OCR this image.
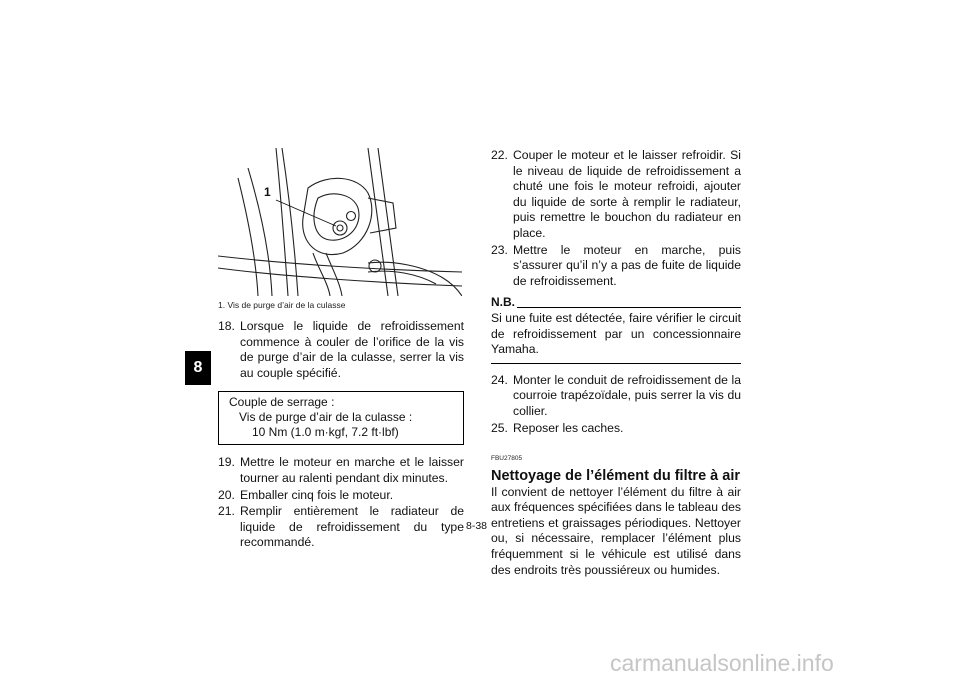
8
1
1. Vis de purge d’air de la culasse
18. Lorsque le liquide de refroidissement commence à couler de l’orifice de la vis de purge d’air de la culasse, serrer la vis au couple spécifié.
Couple de serrage :
Vis de purge d’air de la culasse :
10 Nm (1.0 m·kgf, 7.2 ft·lbf)
19. Mettre le moteur en marche et le laisser tourner au ralenti pendant dix minutes.
20. Emballer cinq fois le moteur.
21. Remplir entièrement le radiateur de liquide de refroidissement du type recommandé.
22. Couper le moteur et le laisser refroidir. Si le niveau de liquide de refroidissement a chuté une fois le moteur refroidi, ajouter du liquide de sorte à remplir le radiateur, puis remettre le bouchon du radiateur en place.
23. Mettre le moteur en marche, puis s’assurer qu’il n’y a pas de fuite de liquide de refroidissement.
N.B.
Si une fuite est détectée, faire vérifier le circuit de refroidissement par un concessionnaire Yamaha.
24. Monter le conduit de refroidissement de la courroie trapézoïdale, puis serrer la vis du collier.
25. Reposer les caches.
FBU27805
Nettoyage de l’élément du filtre à air
Il convient de nettoyer l’élément du filtre à air aux fréquences spécifiées dans le tableau des entretiens et graissages périodiques. Nettoyer ou, si nécessaire, remplacer l’élément plus fréquemment si le véhicule est utilisé dans des endroits très poussiéreux ou humides.
8-38
carmanualsonline.info
